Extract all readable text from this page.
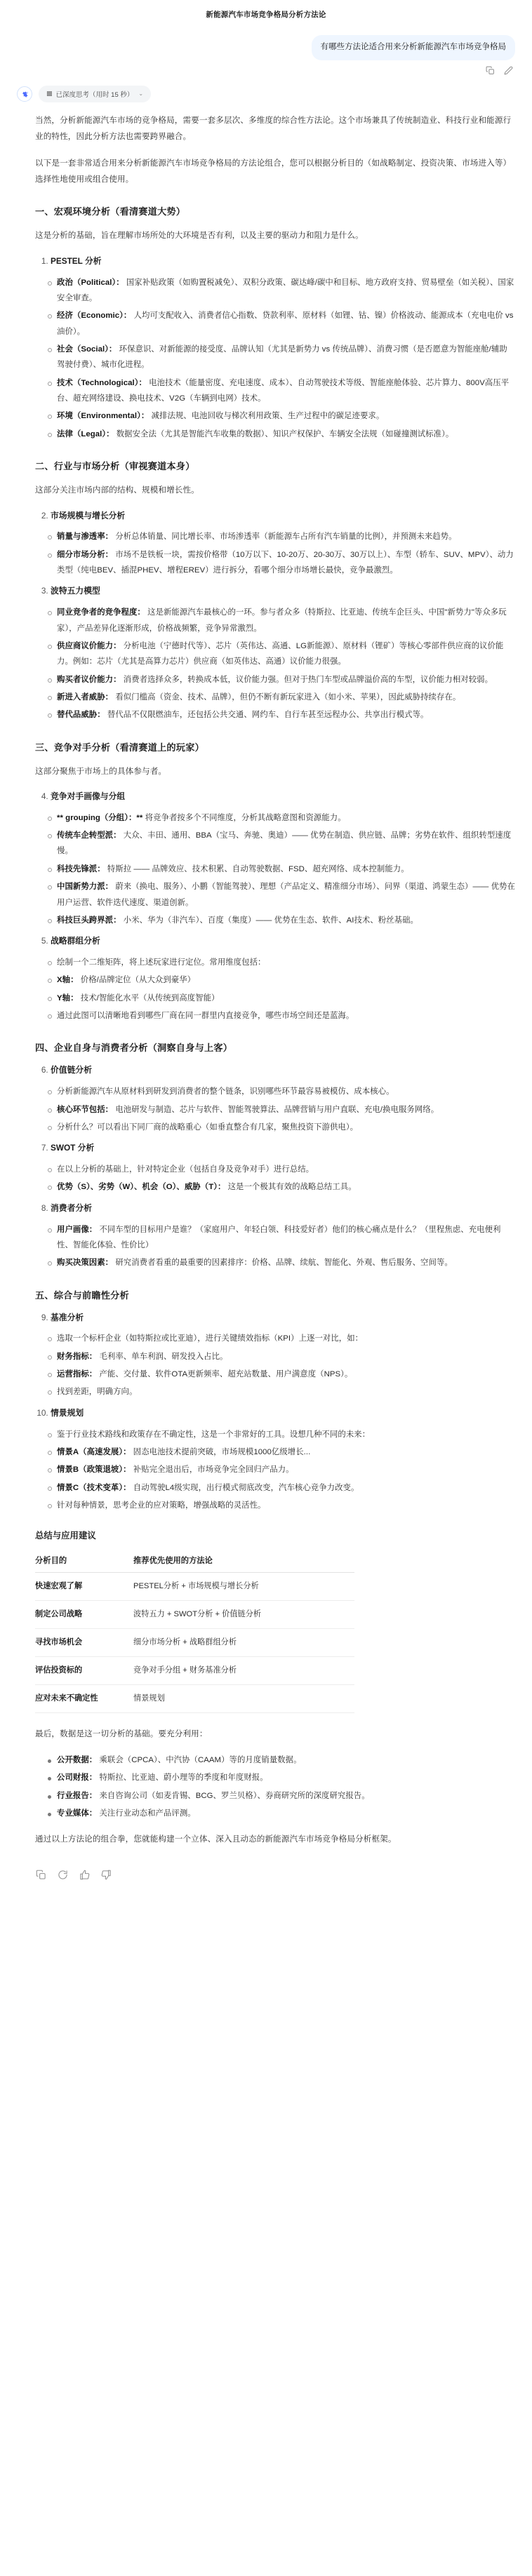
新能源汽车市场竞争格局分析方法论
有哪些方法论适合用来分析新能源汽车市场竞争格局
▩ 已深度思考（用时 15 秒） ⌄

当然，分析新能源汽车市场的竞争格局，需要一套多层次、多维度的综合性方法论。这个市场兼具了传统制造业、科技行业和能源行业的特性，因此分析方法也需要跨界融合。

以下是一套非常适合用来分析新能源汽车市场竞争格局的方法论组合，您可以根据分析目的（如战略制定、投资决策、市场进入等）选择性地使用或组合使用。

一、宏观环境分析（看清赛道大势）

这是分析的基础，旨在理解市场所处的大环境是否有利，以及主要的驱动力和阻力是什么。

1. PESTEL 分析
政治（Political）： 国家补贴政策（如购置税减免）、双积分政策、碳达峰/碳中和目标、地方政府支持、贸易壁垒（如关税）、国家安全审查。
经济（Economic）： 人均可支配收入、消费者信心指数、贷款利率、原材料（如锂、钴、镍）价格波动、能源成本（充电电价 vs 油价）。
社会（Social）： 环保意识、对新能源的接受度、品牌认知（尤其是新势力 vs 传统品牌）、消费习惯（是否愿意为智能座舱/辅助驾驶付费）、城市化进程。
技术（Technological）： 电池技术（能量密度、充电速度、成本）、自动驾驶技术等级、智能座舱体验、芯片算力、800V高压平台、超充网络建设、换电技术、V2G（车辆到电网）技术。
环境（Environmental）： 减排法规、电池回收与梯次利用政策、生产过程中的碳足迹要求。
法律（Legal）： 数据安全法（尤其是智能汽车收集的数据）、知识产权保护、车辆安全法规（如碰撞测试标准）。
二、行业与市场分析（审视赛道本身）

这部分关注市场内部的结构、规模和增长性。

2. 市场规模与增长分析
销量与渗透率： 分析总体销量、同比增长率、市场渗透率（新能源车占所有汽车销量的比例），并预测未来趋势。
细分市场分析： 市场不是铁板一块，需按价格带（10万以下、10-20万、20-30万、30万以上）、车型（轿车、SUV、MPV）、动力类型（纯电BEV、插混PHEV、增程EREV）进行拆分，看哪个细分市场增长最快，竞争最激烈。
3. 波特五力模型
同业竞争者的竞争程度： 这是新能源汽车最核心的一环。参与者众多（特斯拉、比亚迪、传统车企巨头、中国"新势力"等众多玩家），产品差异化逐渐形成，价格战频繁，竞争异常激烈。
供应商议价能力： 分析电池（宁德时代等）、芯片（英伟达、高通、LG新能源）、原材料（锂矿）等核心零部件供应商的议价能力。例如：芯片（尤其是高算力芯片）供应商（如英伟达、高通）议价能力很强。
购买者议价能力： 消费者选择众多，转换成本低，议价能力强。但对于热门车型或品牌溢价高的车型，议价能力相对较弱。
新进入者威胁： 看似门槛高（资金、技术、品牌），但仍不断有新玩家进入（如小米、苹果），因此威胁持续存在。
替代品威胁： 替代品不仅限燃油车，还包括公共交通、网约车、自行车甚至远程办公、共享出行模式等。
三、竞争对手分析（看清赛道上的玩家）

这部分聚焦于市场上的具体参与者。

4. 竞争对手画像与分组
** grouping（分组）：** 将竞争者按多个不同维度，分析其战略意图和资源能力。
传统车企转型派： 大众、丰田、通用、BBA（宝马、奔驰、奥迪）—— 优势在制造、供应链、品牌；劣势在软件、组织转型速度慢。
科技先锋派： 特斯拉 —— 品牌效应、技术积累、自动驾驶数据、FSD、超充网络、成本控制能力。
中国新势力派： 蔚来（换电、服务）、小鹏（智能驾驶）、理想（产品定义、精准细分市场）、问界（渠道、鸿蒙生态）—— 优势在用户运营、软件迭代速度、渠道创新。
科技巨头跨界派： 小米、华为（非汽车）、百度（集度）—— 优势在生态、软件、AI技术、粉丝基础。
5. 战略群组分析
绘制一个二维矩阵，将上述玩家进行定位。常用维度包括：
X轴： 价格/品牌定位（从大众到豪华）
Y轴： 技术/智能化水平（从传统到高度智能）
通过此图可以清晰地看到哪些厂商在同一群里内直接竞争，哪些市场空间还是蓝海。
四、企业自身与消费者分析（洞察自身与上客）
6. 价值链分析
分析新能源汽车从原材料到研发到消费者的整个链条，识别哪些环节最容易被模仿、成本核心。
核心环节包括： 电池研发与制造、芯片与软件、智能驾驶算法、品牌营销与用户直联、充电/换电服务网络。
分析什么？可以看出下同厂商的战略重心（如垂直整合有几家，聚焦投资下游供电）。
7. SWOT 分析
在以上分析的基础上，针对特定企业（包括自身及竞争对手）进行总结。
优势（S）、劣势（W）、机会（O）、威胁（T）： 这是一个极其有效的战略总结工具。
8. 消费者分析
用户画像： 不同车型的目标用户是谁？（家庭用户、年轻白领、科技爱好者）他们的核心痛点是什么？（里程焦虑、充电便利性、智能化体验、性价比）
购买决策因素： 研究消费者看重的最重要的因素排序：价格、品牌、续航、智能化、外观、售后服务、空间等。
五、综合与前瞻性分析
9. 基准分析
选取一个标杆企业（如特斯拉或比亚迪），进行关键绩效指标（KPI）上逐一对比，如：
财务指标： 毛利率、单车利润、研发投入占比。
运营指标： 产能、交付量、软件OTA更新频率、超充站数量、用户满意度（NPS）。
找到差距，明确方向。
10. 情景规划
鉴于行业技术路线和政策存在不确定性，这是一个非常好的工具。设想几种不同的未来：
情景A（高速发展）： 固态电池技术提前突破，市场规模1000亿级增长...
情景B（政策退坡）： 补贴完全退出后，市场竞争完全回归产品力。
情景C（技术变革）： 自动驾驶L4级实现，出行模式彻底改变，汽车核心竞争力改变。
针对每种情景，思考企业的应对策略，增强战略的灵活性。
总结与应用建议
分析目的	推荐优先使用的方法论
快速宏观了解	PESTEL分析 + 市场规模与增长分析
制定公司战略	波特五力 + SWOT分析 + 价值链分析
寻找市场机会	细分市场分析 + 战略群组分析
评估投资标的	竞争对手分组 + 财务基准分析
应对未来不确定性	情景规划

最后，数据是这一切分析的基础。要充分利用：

公开数据： 乘联会（CPCA）、中汽协（CAAM）等的月度销量数据。
公司财报： 特斯拉、比亚迪、蔚小理等的季度和年度财报。
行业报告： 来自咨询公司（如麦肯锡、BCG、罗兰贝格）、券商研究所的深度研究报告。
专业媒体： 关注行业动态和产品评测。

通过以上方法论的组合拳，您就能构建一个立体、深入且动态的新能源汽车市场竞争格局分析框架。
